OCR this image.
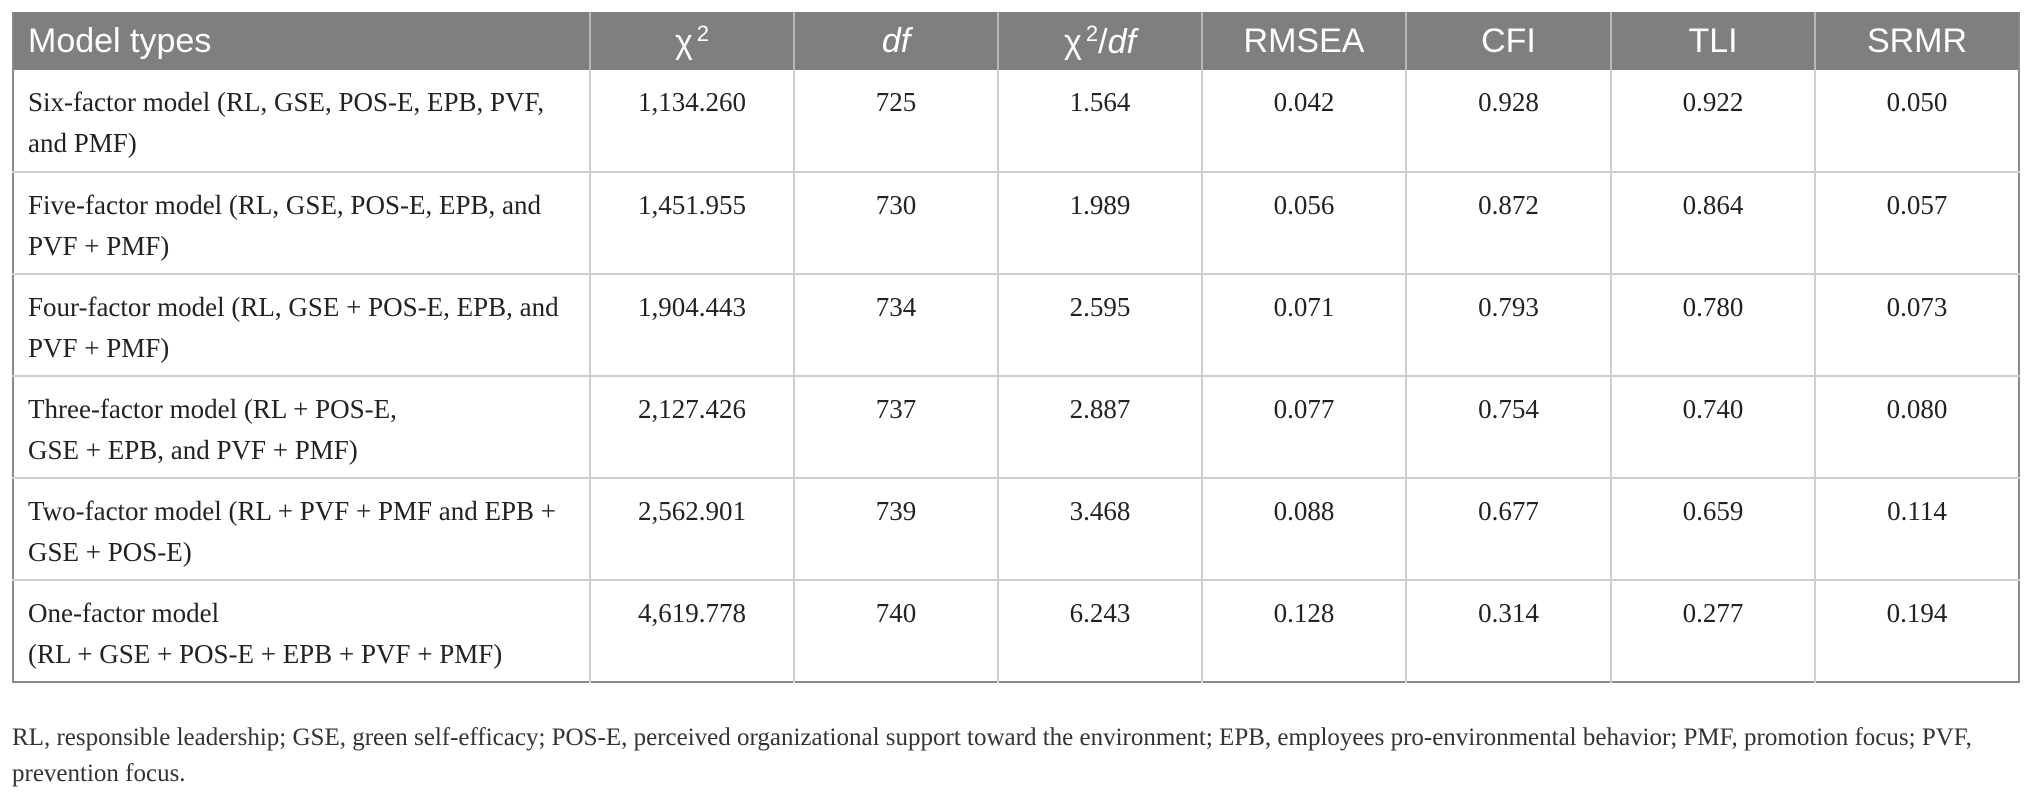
Model types	χ $^2$	df	χ $^2$/df	RMSEA	CFI	TLI	SRMR
Six-factor model (RL, GSE, POS-E, EPB, PVF, and PMF)	1,134.260	725	1.564	0.042	0.928	0.922	0.050
Five-factor model (RL, GSE, POS-E, EPB, and PVF + PMF)	1,451.955	730	1.989	0.056	0.872	0.864	0.057
Four-factor model (RL, GSE + POS-E, EPB, and PVF + PMF)	1,904.443	734	2.595	0.071	0.793	0.780	0.073
Three-factor model (RL + POS-E,
GSE + EPB, and PVF + PMF)	2,127.426	737	2.887	0.077	0.754	0.740	0.080
Two-factor model (RL + PVF + PMF and EPB + GSE + POS-E)	2,562.901	739	3.468	0.088	0.677	0.659	0.114
One-factor model
(RL + GSE + POS-E + EPB + PVF + PMF)	4,619.778	740	6.243	0.128	0.314	0.277	0.194
RL, responsible leadership; GSE, green self-efficacy; POS-E, perceived organizational support toward the environment; EPB, employees pro-environmental behavior; PMF, promotion focus; PVF, prevention focus.
